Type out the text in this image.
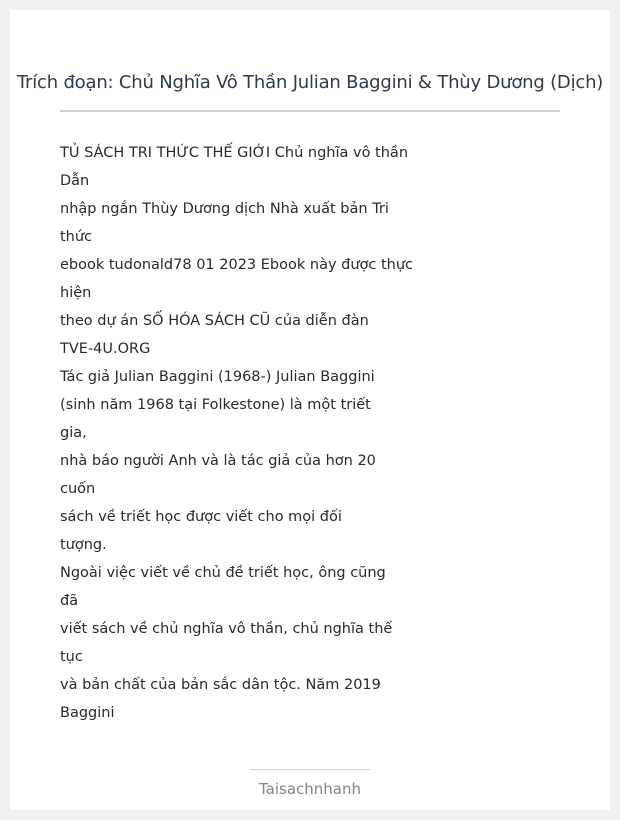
Trích đoạn: Chủ Nghĩa Vô Thần Julian Baggini & Thùy Dương (Dịch)
TỦ SÁCH TRI THỨC THẾ GIỚI Chủ nghĩa vô thần
Dẫn
nhập ngắn Thùy Dương dịch Nhà xuất bản Tri
thức
ebook tudonald78 01 2023 Ebook này được thực
hiện
theo dự án SỐ HÓA SÁCH CŨ của diễn đàn
TVE-4U.ORG
Tác giả Julian Baggini (1968-) Julian Baggini
(sinh năm 1968 tại Folkestone) là một triết
gia,
nhà báo người Anh và là tác giả của hơn 20
cuốn
sách về triết học được viết cho mọi đối
tượng.
Ngoài việc viết về chủ đề triết học, ông cũng
đã
viết sách về chủ nghĩa vô thần, chủ nghĩa thế
tục
và bản chất của bản sắc dân tộc. Năm 2019
Baggini
Taisachnhanh
